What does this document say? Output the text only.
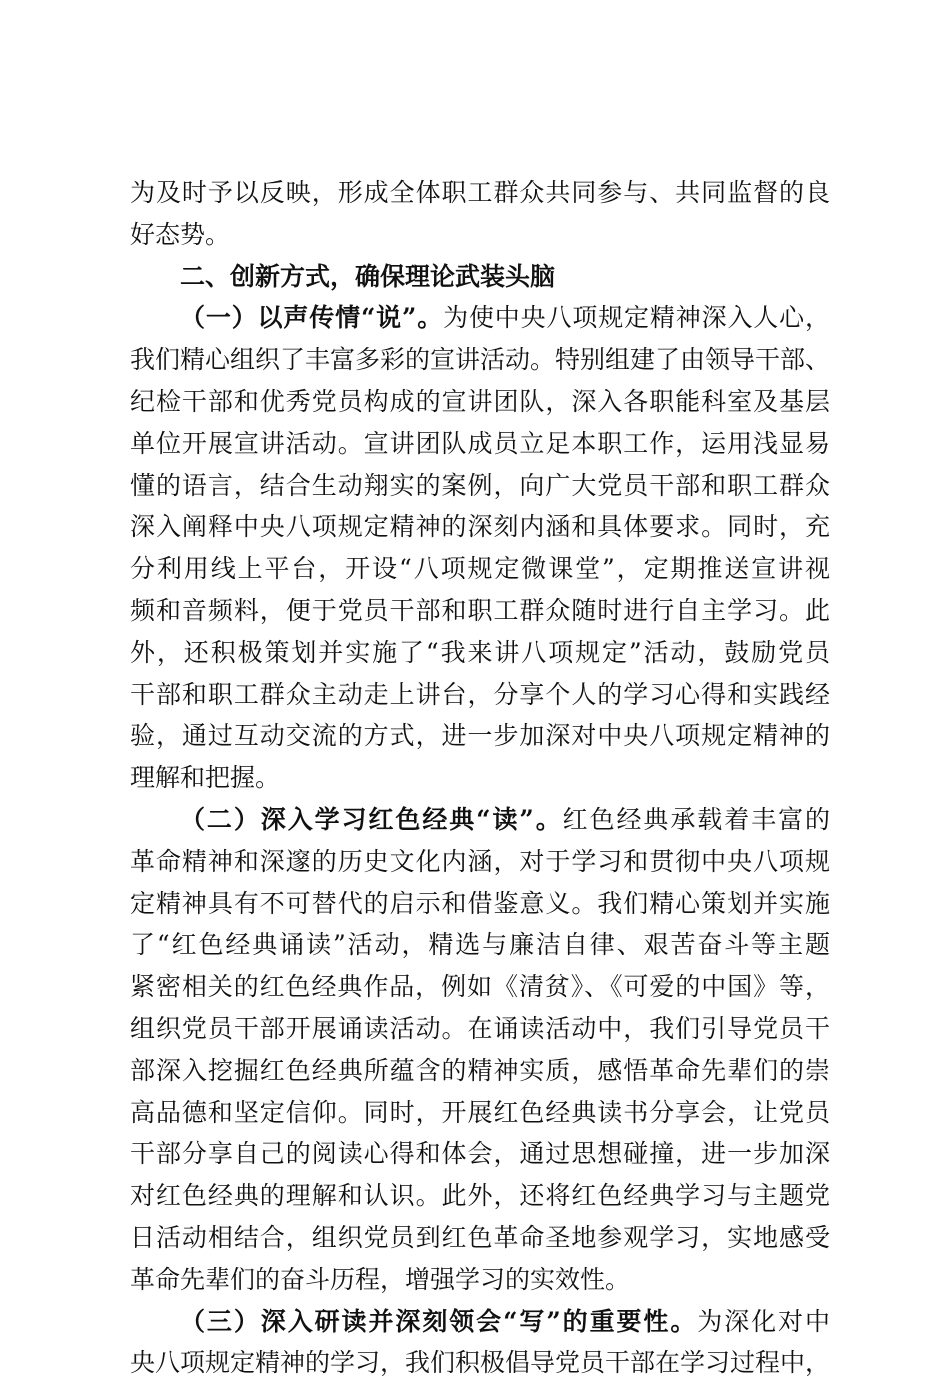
为及时予以反映，形成全体职工群众共同参与、共同监督的良
好态势。
二、创新方式，确保理论武装头脑
（一）以声传情“说”。为使中央八项规定精神深入人心，
我们精心组织了丰富多彩的宣讲活动。特别组建了由领导干部、
纪检干部和优秀党员构成的宣讲团队，深入各职能科室及基层
单位开展宣讲活动。宣讲团队成员立足本职工作，运用浅显易
懂的语言，结合生动翔实的案例，向广大党员干部和职工群众
深入阐释中央八项规定精神的深刻内涵和具体要求。同时，充
分利用线上平台，开设“八项规定微课堂”，定期推送宣讲视
频和音频料，便于党员干部和职工群众随时进行自主学习。此
外，还积极策划并实施了“我来讲八项规定”活动，鼓励党员
干部和职工群众主动走上讲台，分享个人的学习心得和实践经
验，通过互动交流的方式，进一步加深对中央八项规定精神的
理解和把握。
（二）深入学习红色经典“读”。红色经典承载着丰富的
革命精神和深邃的历史文化内涵，对于学习和贯彻中央八项规
定精神具有不可替代的启示和借鉴意义。我们精心策划并实施
了“红色经典诵读”活动，精选与廉洁自律、艰苦奋斗等主题
紧密相关的红色经典作品，例如《清贫》、《可爱的中国》等，
组织党员干部开展诵读活动。在诵读活动中，我们引导党员干
部深入挖掘红色经典所蕴含的精神实质，感悟革命先辈们的崇
高品德和坚定信仰。同时，开展红色经典读书分享会，让党员
干部分享自己的阅读心得和体会，通过思想碰撞，进一步加深
对红色经典的理解和认识。此外，还将红色经典学习与主题党
日活动相结合，组织党员到红色革命圣地参观学习，实地感受
革命先辈们的奋斗历程，增强学习的实效性。
（三）深入研读并深刻领会“写”的重要性。为深化对中
央八项规定精神的学习，我们积极倡导党员干部在学习过程中，
